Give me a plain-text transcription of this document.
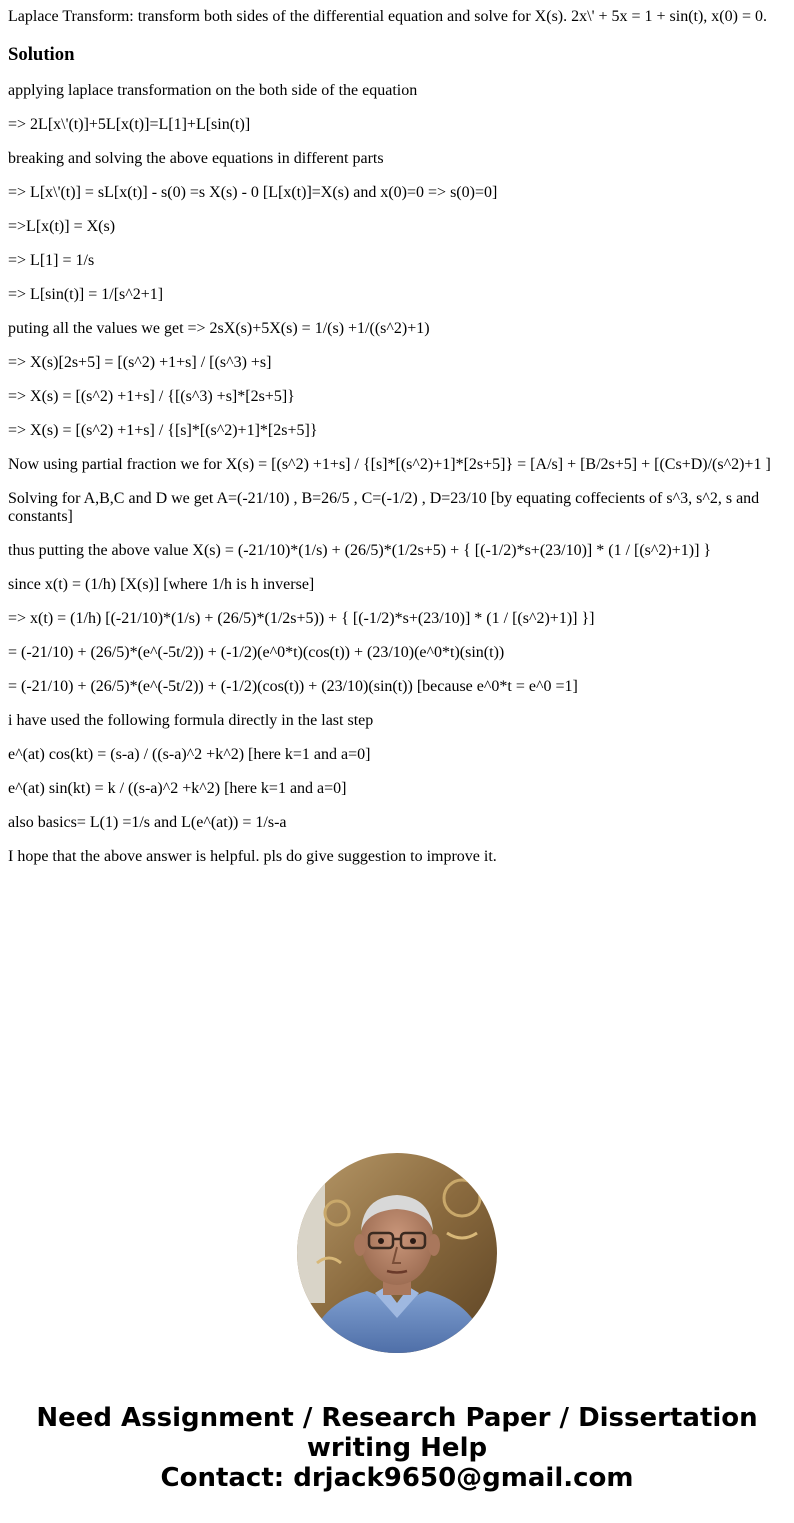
Laplace Transform: transform both sides of the differential equation and solve for X(s). 2x\' + 5x = 1 + sin(t), x(0) = 0.
Solution

applying laplace transformation on the both side of the equation

=> 2L[x\'(t)]+5L[x(t)]=L[1]+L[sin(t)]

breaking and solving the above equations in different parts

=> L[x\'(t)] = sL[x(t)] - s(0) =s X(s) - 0 [L[x(t)]=X(s) and x(0)=0 => s(0)=0]

=>L[x(t)] = X(s)

=> L[1] = 1/s

=> L[sin(t)] = 1/[s^2+1]

puting all the values we get => 2sX(s)+5X(s) = 1/(s) +1/((s^2)+1)

=> X(s)[2s+5] = [(s^2) +1+s] / [(s^3) +s]

=> X(s) = [(s^2) +1+s] / {[(s^3) +s]*[2s+5]}

=> X(s) = [(s^2) +1+s] / {[s]*[(s^2)+1]*[2s+5]}

Now using partial fraction we for X(s) = [(s^2) +1+s] / {[s]*[(s^2)+1]*[2s+5]} = [A/s] + [B/2s+5] + [(Cs+D)/(s^2)+1 ]

Solving for A,B,C and D we get A=(-21/10) , B=26/5 , C=(-1/2) , D=23/10 [by equating coffecients of s^3, s^2, s and constants]

thus putting the above value X(s) = (-21/10)*(1/s) + (26/5)*(1/2s+5) + { [(-1/2)*s+(23/10)] * (1 / [(s^2)+1)] }

since x(t) = (1/h) [X(s)] [where 1/h is h inverse]

=> x(t) = (1/h) [(-21/10)*(1/s) + (26/5)*(1/2s+5)) + { [(-1/2)*s+(23/10)] * (1 / [(s^2)+1)] }]

= (-21/10) + (26/5)*(e^(-5t/2)) + (-1/2)(e^0*t)(cos(t)) + (23/10)(e^0*t)(sin(t))

= (-21/10) + (26/5)*(e^(-5t/2)) + (-1/2)(cos(t)) + (23/10)(sin(t)) [because e^0*t = e^0 =1]

i have used the following formula directly in the last step

e^(at) cos(kt) = (s-a) / ((s-a)^2 +k^2) [here k=1 and a=0]

e^(at) sin(kt) = k / ((s-a)^2 +k^2) [here k=1 and a=0]

also basics= L(1) =1/s and L(e^(at)) = 1/s-a

I hope that the above answer is helpful. pls do give suggestion to improve it.

Need Assignment / Research Paper / Dissertation
writing Help
Contact: drjack9650@gmail.com
